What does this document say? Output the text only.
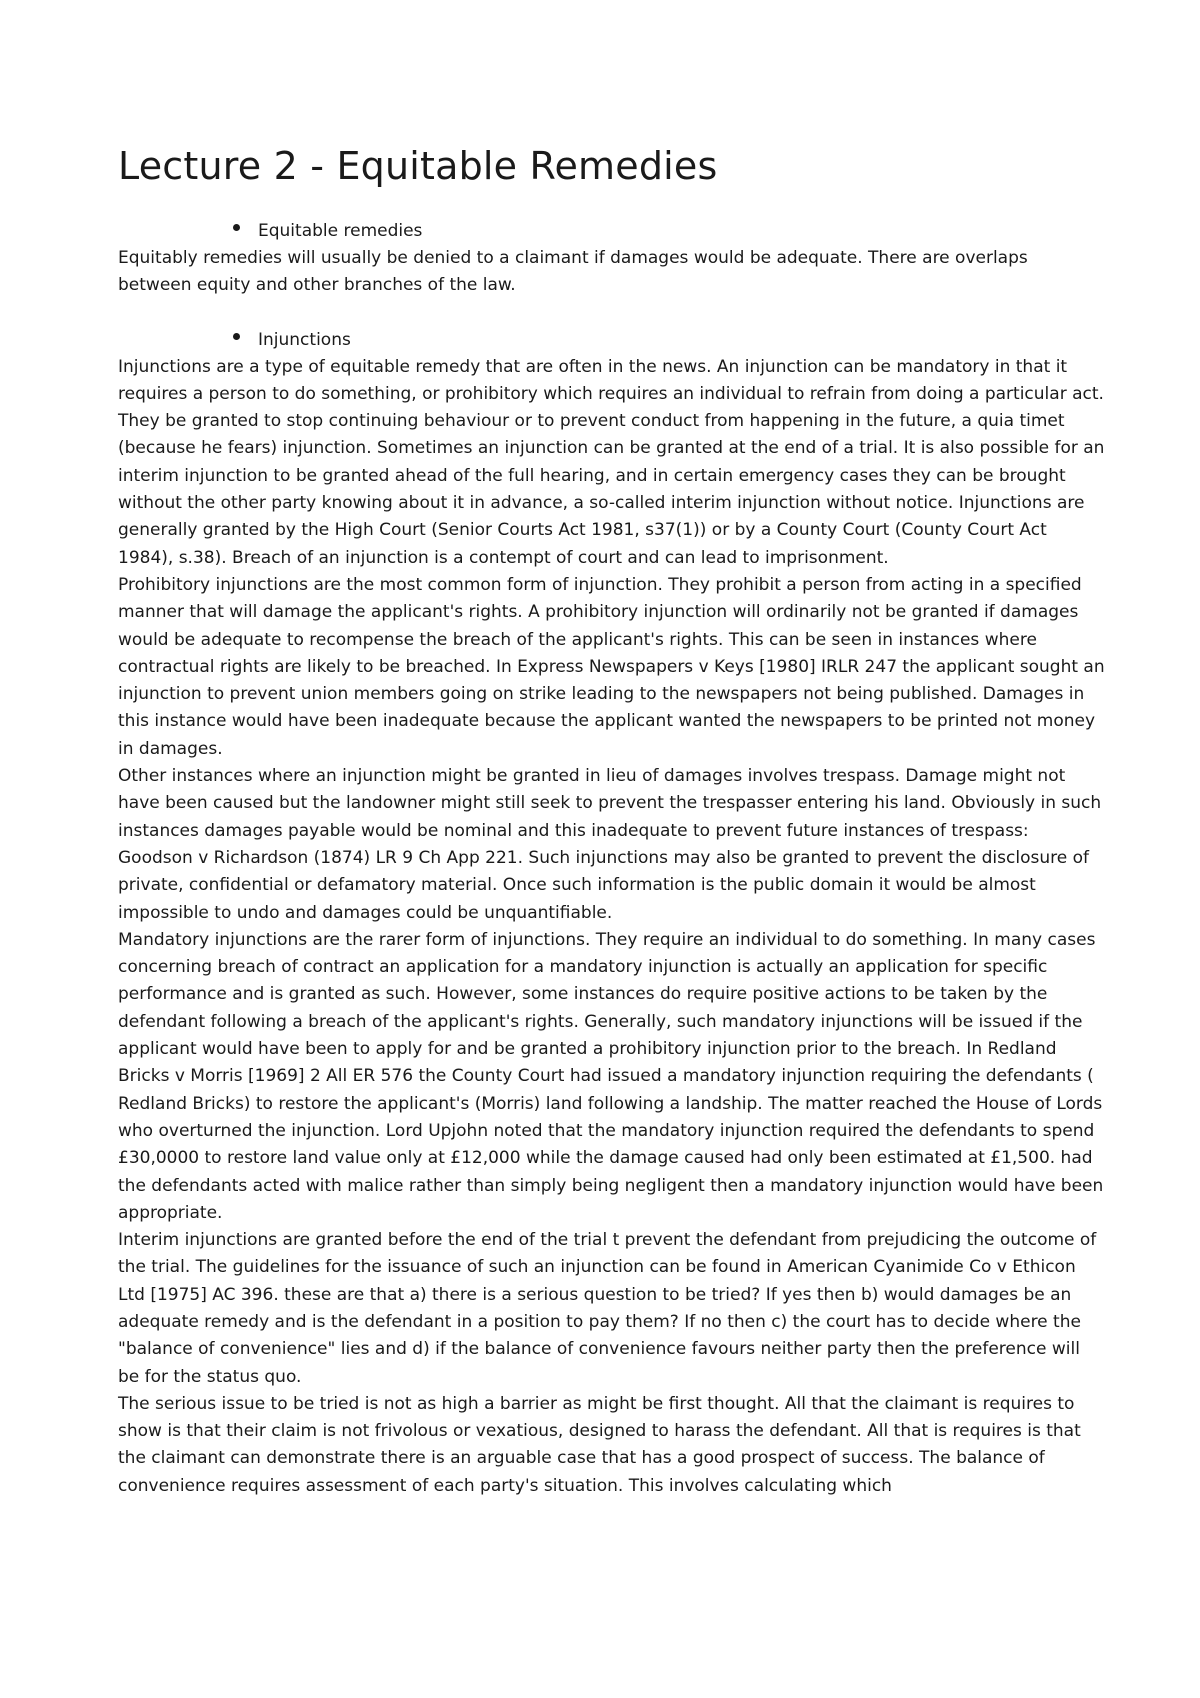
Lecture 2 - Equitable Remedies
Equitable remedies

Equitably remedies will usually be denied to a claimant if damages would be adequate. There are overlaps between equity and other branches of the law.

Injunctions

Injunctions are a type of equitable remedy that are often in the news. An injunction can be mandatory in that it requires a person to do something, or prohibitory which requires an individual to refrain from doing a particular act. They be granted to stop continuing behaviour or to prevent conduct from happening in the future, a quia timet (because he fears) injunction. Sometimes an injunction can be granted at the end of a trial. It is also possible for an interim injunction to be granted ahead of the full hearing, and in certain emergency cases they can be brought without the other party knowing about it in advance, a so-called interim injunction without notice. Injunctions are generally granted by the High Court (Senior Courts Act 1981, s37(1)) or by a County Court (County Court Act 1984), s.38). Breach of an injunction is a contempt of court and can lead to imprisonment.

Prohibitory injunctions are the most common form of injunction. They prohibit a person from acting in a specified manner that will damage the applicant's rights. A prohibitory injunction will ordinarily not be granted if damages would be adequate to recompense the breach of the applicant's rights. This can be seen in instances where contractual rights are likely to be breached. In Express Newspapers v Keys [1980] IRLR 247 the applicant sought an injunction to prevent union members going on strike leading to the newspapers not being published. Damages in this instance would have been inadequate because the applicant wanted the newspapers to be printed not money in damages.

Other instances where an injunction might be granted in lieu of damages involves trespass. Damage might not have been caused but the landowner might still seek to prevent the trespasser entering his land. Obviously in such instances damages payable would be nominal and this inadequate to prevent future instances of trespass: Goodson v Richardson (1874) LR 9 Ch App 221. Such injunctions may also be granted to prevent the disclosure of private, confidential or defamatory material. Once such information is the public domain it would be almost impossible to undo and damages could be unquantifiable.

Mandatory injunctions are the rarer form of injunctions. They require an individual to do something. In many cases concerning breach of contract an application for a mandatory injunction is actually an application for specific performance and is granted as such. However, some instances do require positive actions to be taken by the defendant following a breach of the applicant's rights. Generally, such mandatory injunctions will be issued if the applicant would have been to apply for and be granted a prohibitory injunction prior to the breach. In Redland Bricks v Morris [1969] 2 All ER 576 the County Court had issued a mandatory injunction requiring the defendants ( Redland Bricks) to restore the applicant's (Morris) land following a landship. The matter reached the House of Lords who overturned the injunction. Lord Upjohn noted that the mandatory injunction required the defendants to spend £30,0000 to restore land value only at £12,000 while the damage caused had only been estimated at £1,500. had the defendants acted with malice rather than simply being negligent then a mandatory injunction would have been appropriate.

Interim injunctions are granted before the end of the trial t prevent the defendant from prejudicing the outcome of the trial. The guidelines for the issuance of such an injunction can be found in American Cyanimide Co v Ethicon Ltd [1975] AC 396. these are that a) there is a serious question to be tried? If yes then b) would damages be an adequate remedy and is the defendant in a position to pay them? If no then c) the court has to decide where the "balance of convenience" lies and d) if the balance of convenience favours neither party then the preference will be for the status quo.

The serious issue to be tried is not as high a barrier as might be first thought. All that the claimant is requires to show is that their claim is not frivolous or vexatious, designed to harass the defendant. All that is requires is that the claimant can demonstrate there is an arguable case that has a good prospect of success. The balance of convenience requires assessment of each party's situation. This involves calculating which
